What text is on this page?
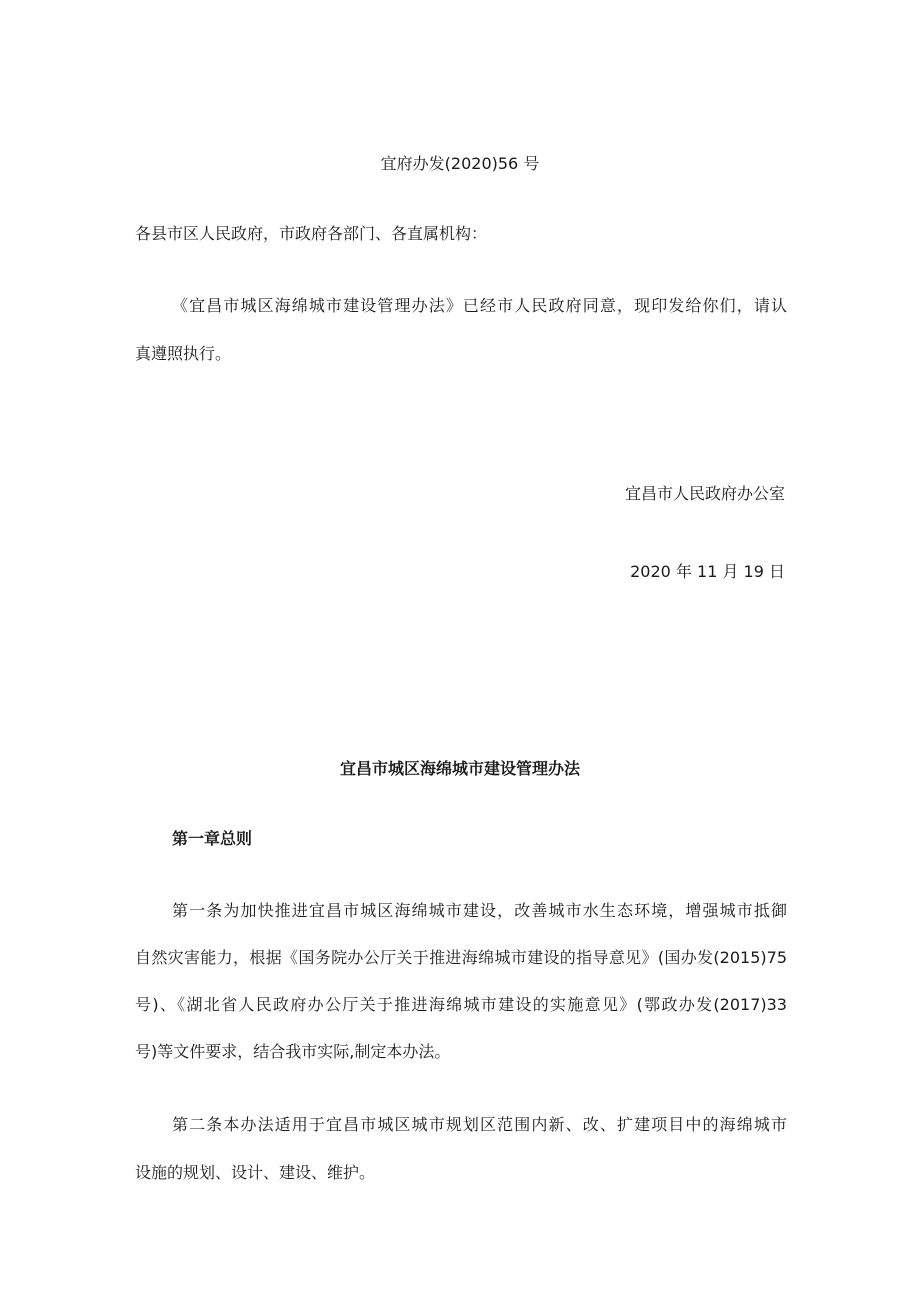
宜府办发(2020)56 号
各县市区人民政府，市政府各部门、各直属机构：
《宜昌市城区海绵城市建设管理办法》已经市人民政府同意，现印发给你们，请认
真遵照执行。
宜昌市人民政府办公室
2020 年 11 月 19 日
宜昌市城区海绵城市建设管理办法
第一章总则
第一条为加快推进宜昌市城区海绵城市建设，改善城市水生态环境，增强城市抵御
自然灾害能力，根据《国务院办公厅关于推进海绵城市建设的指导意见》(国办发(2015)75
号)、《湖北省人民政府办公厅关于推进海绵城市建设的实施意见》(鄂政办发(2017)33
号)等文件要求，结合我市实际,制定本办法。
第二条本办法适用于宜昌市城区城市规划区范围内新、改、扩建项目中的海绵城市
设施的规划、设计、建设、维护。
